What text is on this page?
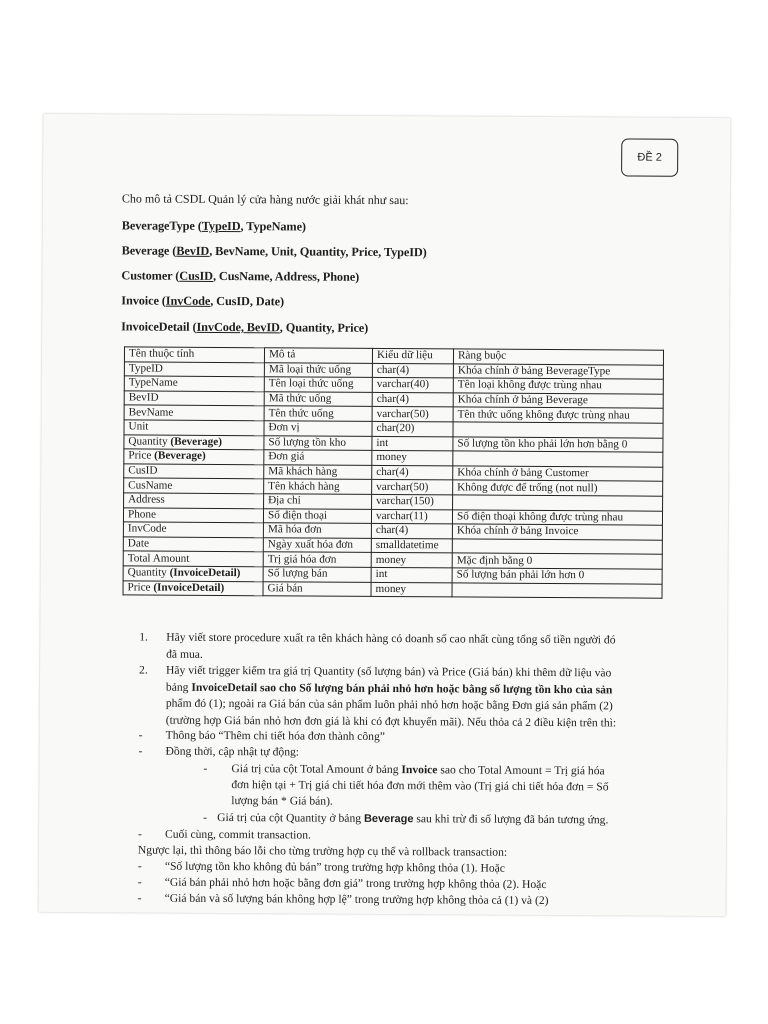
ĐỀ 2
Cho mô tả CSDL Quản lý cửa hàng nước giải khát như sau:
BeverageType (TypeID, TypeName)
Beverage (BevID, BevName, Unit, Quantity, Price, TypeID)
Customer (CusID, CusName, Address, Phone)
Invoice (InvCode, CusID, Date)
InvoiceDetail (InvCode, BevID, Quantity, Price)
Tên thuộc tính	Mô tả	Kiểu dữ liệu	Ràng buộc
TypeID	Mã loại thức uống	char(4)	Khóa chính ở bảng BeverageType
TypeName	Tên loại thức uống	varchar(40)	Tên loại không được trùng nhau
BevID	Mã thức uống	char(4)	Khóa chính ở bảng Beverage
BevName	Tên thức uống	varchar(50)	Tên thức uống không được trùng nhau
Unit	Đơn vị	char(20)	
Quantity (Beverage)	Số lượng tồn kho	int	Số lượng tồn kho phải lớn hơn bằng 0
Price (Beverage)	Đơn giá	money	
CusID	Mã khách hàng	char(4)	Khóa chính ở bảng Customer
CusName	Tên khách hàng	varchar(50)	Không được để trống (not null)
Address	Địa chỉ	varchar(150)	
Phone	Số điện thoại	varchar(11)	Số điện thoại không được trùng nhau
InvCode	Mã hóa đơn	char(4)	Khóa chính ở bảng Invoice
Date	Ngày xuất hóa đơn	smalldatetime	
Total Amount	Trị giá hóa đơn	money	Mặc định bằng 0
Quantity (InvoiceDetail)	Số lượng bán	int	Số lượng bán phải lớn hơn 0
Price (InvoiceDetail)	Giá bán	money	
1. Hãy viết store procedure xuất ra tên khách hàng có doanh số cao nhất cùng tổng số tiền người đó
đã mua.
2. Hãy viết trigger kiểm tra giá trị Quantity (số lượng bán) và Price (Giá bán) khi thêm dữ liệu vào
bảng InvoiceDetail sao cho Số lượng bán phải nhỏ hơn hoặc bằng số lượng tồn kho của sản
phẩm đó (1); ngoài ra Giá bán của sản phẩm luôn phải nhỏ hơn hoặc bằng Đơn giá sản phẩm (2)
(trường hợp Giá bán nhỏ hơn đơn giá là khi có đợt khuyến mãi). Nếu thỏa cả 2 điều kiện trên thì:
- Thông báo “Thêm chi tiết hóa đơn thành công”
- Đồng thời, cập nhật tự động:
- Giá trị của cột Total Amount ở bảng Invoice sao cho Total Amount = Trị giá hóa
đơn hiện tại + Trị giá chi tiết hóa đơn mới thêm vào (Trị giá chi tiết hóa đơn = Số
lượng bán * Giá bán).
- Giá trị của cột Quantity ở bảng Beverage sau khi trừ đi số lượng đã bán tương ứng.
- Cuối cùng, commit transaction.
Ngược lại, thì thông báo lỗi cho từng trường hợp cụ thể và rollback transaction:
- “Số lượng tồn kho không đủ bán” trong trường hợp không thỏa (1). Hoặc
- “Giá bán phải nhỏ hơn hoặc bằng đơn giá” trong trường hợp không thỏa (2). Hoặc
- “Giá bán và số lượng bán không hợp lệ” trong trường hợp không thỏa cả (1) và (2)
